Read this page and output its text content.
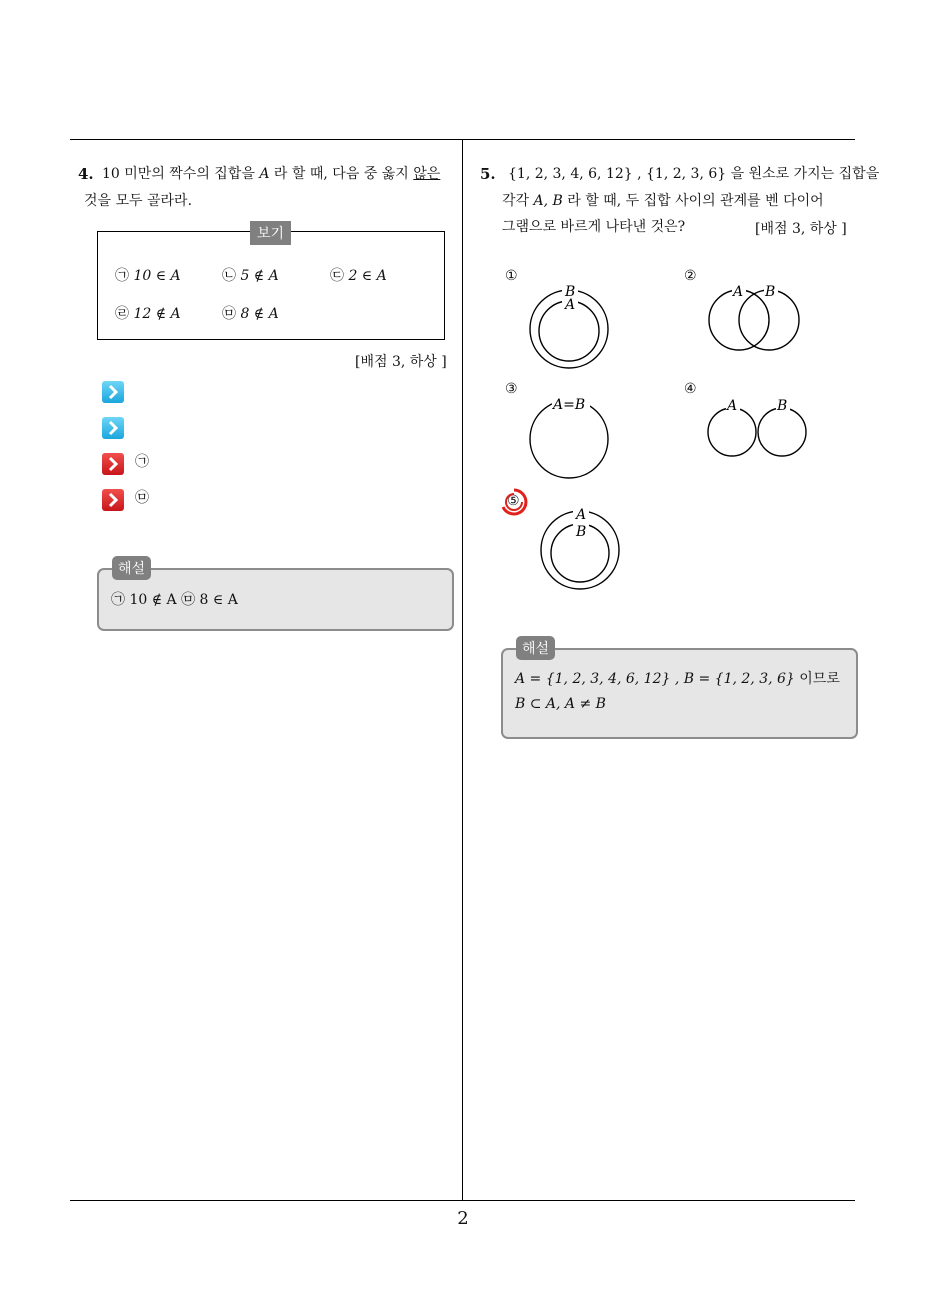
4. 10 미만의 짝수의 집합을 A 라 할 때, 다음 중 옳지 않은
것을 모두 골라라.
보기
㉠ 10 ∈ A	㉡ 5 ∉ A	㉢ 2 ∈ A
㉣ 12 ∉ A	㉤ 8 ∉ A
[배점 3, 하상 ]
㉠
㉤
해설
㉠ 10 ∉ A ㉤ 8 ∈ A
5. {1, 2, 3, 4, 6, 12} , {1, 2, 3, 6} 을 원소로 가지는 집합을
각각 A, B 라 할 때, 두 집합 사이의 관계를 벤 다이어
그램으로 바르게 나타낸 것은?	[배점 3, 하상 ]
①	②
③	④
⑤
B
A
A B
A=B	A	B
A
B
해설
A = {1, 2, 3, 4, 6, 12} , B = {1, 2, 3, 6} 이므로
B ⊂ A, A ≠ B
2
